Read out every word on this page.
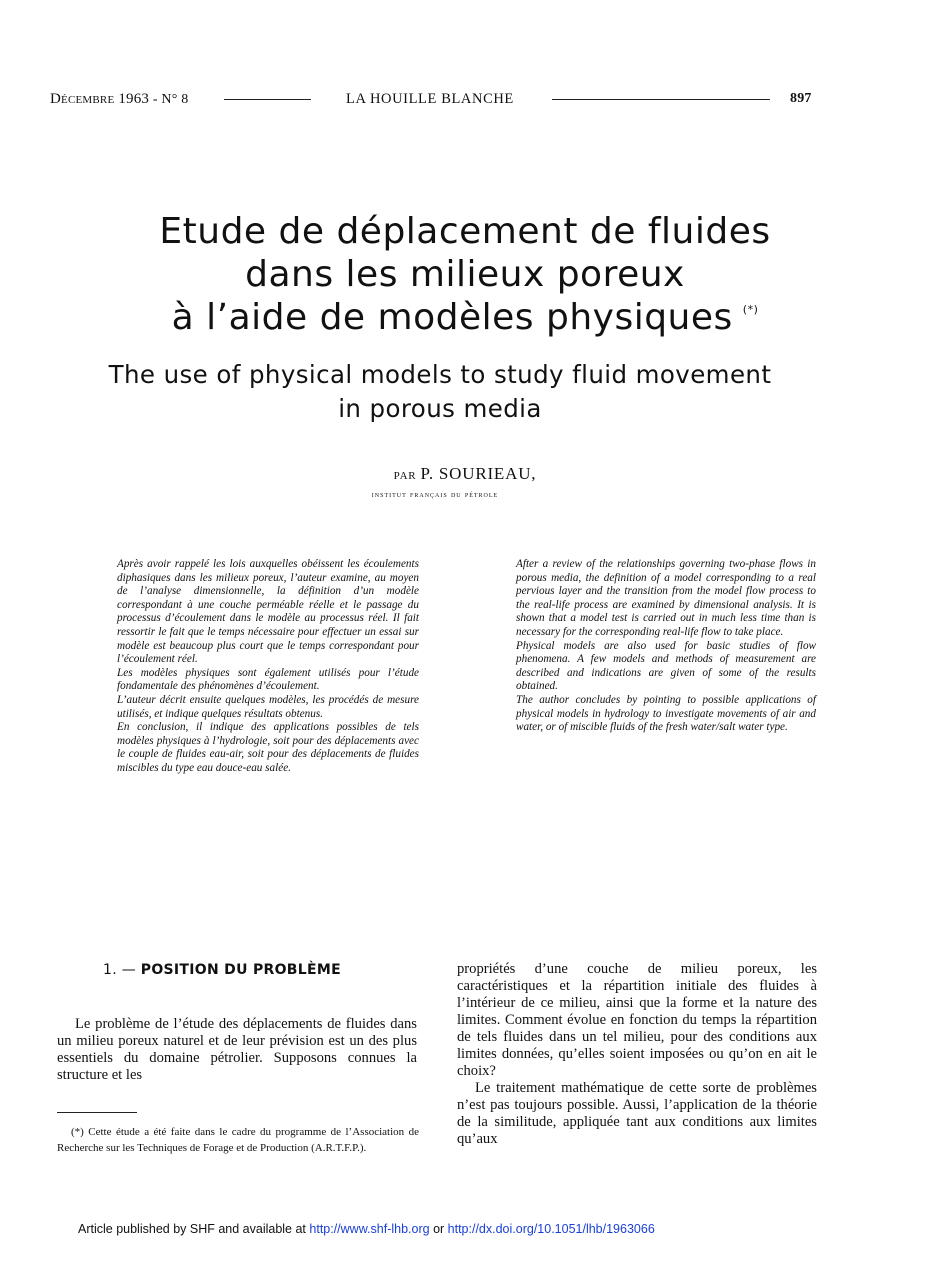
Décembre 1963 - N° 8	LA HOUILLE BLANCHE	897
Etude de déplacement de fluides
dans les milieux poreux
à l’aide de modèles physiques (*)
The use of physical models to study fluid movement
in porous media
par P. SOURIEAU,
institut français du pétrole

Après avoir rappelé les lois auxquelles obéissent les écoulements diphasiques dans les milieux poreux, l’auteur examine, au moyen de l’analyse dimensionnelle, la définition d’un modèle correspondant à une couche perméable réelle et le passage du processus d’écoulement dans le modèle au processus réel. Il fait ressortir le fait que le temps nécessaire pour effectuer un essai sur modèle est beaucoup plus court que le temps correspondant pour l’écoulement réel.

Les modèles physiques sont également utilisés pour l’étude fondamentale des phénomènes d’écoulement.

L’auteur décrit ensuite quelques modèles, les procédés de mesure utilisés, et indique quelques résultats obtenus.

En conclusion, il indique des applications possibles de tels modèles physiques à l’hydrologie, soit pour des déplacements avec le couple de fluides eau-air, soit pour des déplacements de fluides miscibles du type eau douce-eau salée.

After a review of the relationships governing two-phase flows in porous media, the definition of a model corresponding to a real pervious layer and the transition from the model flow process to the real-life process are examined by dimensional analysis. It is shown that a model test is carried out in much less time than is necessary for the corresponding real-life flow to take place.

Physical models are also used for basic studies of flow phenomena. A few models and methods of measurement are described and indications are given of some of the results obtained.

The author concludes by pointing to possible applications of physical models in hydrology to investigate movements of air and water, or of miscible fluids of the fresh water/salt water type.

1. — POSITION DU PROBLÈME

Le problème de l’étude des déplacements de fluides dans un milieu poreux naturel et de leur prévision est un des plus essentiels du domaine pétrolier. Supposons connues la structure et les

propriétés d’une couche de milieu poreux, les caractéristiques et la répartition initiale des fluides à l’intérieur de ce milieu, ainsi que la forme et la nature des limites. Comment évolue en fonction du temps la répartition de tels fluides dans un tel milieu, pour des conditions aux limites données, qu’elles soient imposées ou qu’on en ait le choix?

Le traitement mathématique de cette sorte de problèmes n’est pas toujours possible. Aussi, l’application de la théorie de la similitude, appliquée tant aux conditions aux limites qu’aux

(*) Cette étude a été faite dans le cadre du programme de l’Association de Recherche sur les Techniques de Forage et de Production (A.R.T.F.P.).
Article published by SHF and available at http://www.shf-lhb.org or http://dx.doi.org/10.1051/lhb/1963066
